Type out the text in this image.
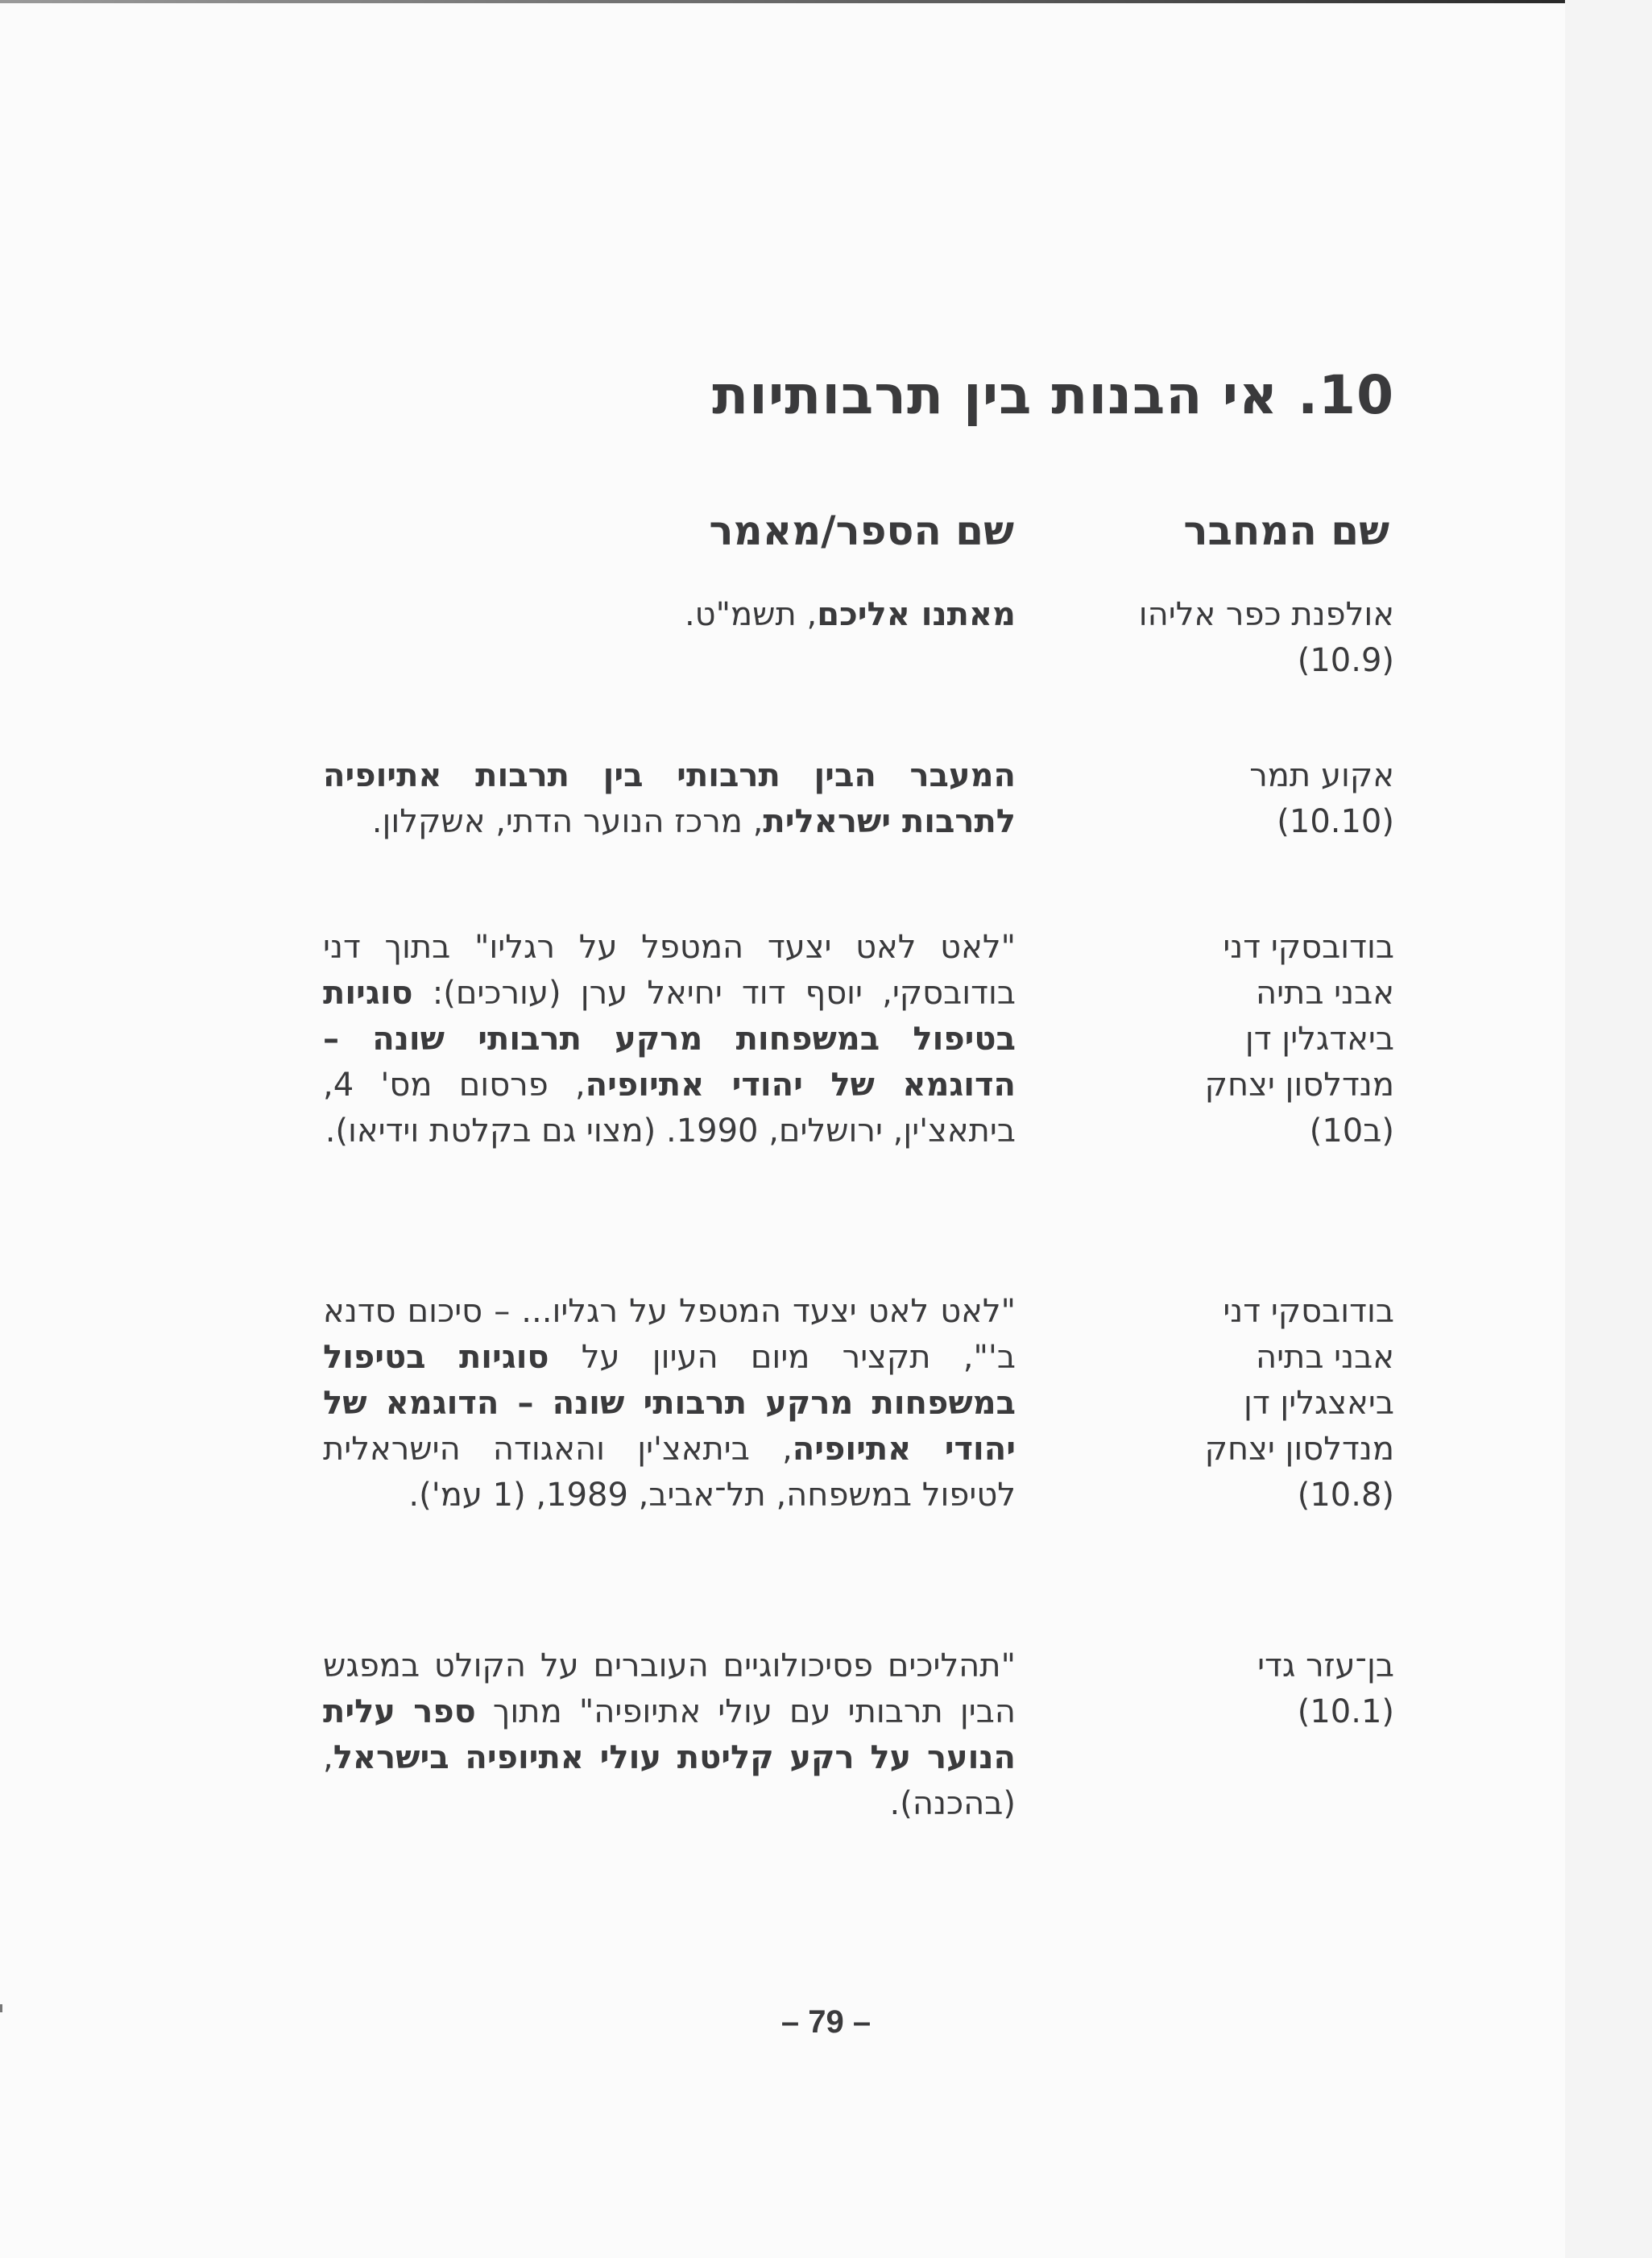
10. אי הבנות בין תרבותיות
שם המחבר
שם הספר/מאמר
אולפנת כפר אליהו
(10.9)
מאתנו אליכם, תשמ"ט.
אקוע תמר
(10.10)
המעבר הבין תרבותי בין תרבות אתיופיה לתרבות ישראלית, מרכז הנוער הדתי, אשקלון.
בודובסקי דני
אבני בתיה
ביאדגלין דן
מנדלסון יצחק
(10ב)
"לאט לאט יצעד המטפל על רגליו" בתוך דני בודובסקי, יוסף דוד יחיאל ערן (עורכים): סוגיות בטיפול במשפחות מרקע תרבותי שונה – הדוגמא של יהודי אתיופיה, פרסום מס' 4, ביתאצ'ין, ירושלים, 1990. (מצוי גם בקלטת וידיאו).
בודובסקי דני
אבני בתיה
ביאצגלין דן
מנדלסון יצחק
(10.8)
"לאט לאט יצעד המטפל על רגליו... – סיכום סדנא ב'", תקציר מיום העיון על סוגיות בטיפול במשפחות מרקע תרבותי שונה – הדוגמא של יהודי אתיופיה, ביתאצ'ין והאגודה הישראלית לטיפול במשפחה, תל־אביב, 1989, (1 עמ').
בן־עזר גדי
(10.1)
"תהליכים פסיכולוגיים העוברים על הקולט במפגש הבין תרבותי עם עולי אתיופיה" מתוך ספר עלית הנוער על רקע קליטת עולי אתיופיה בישראל, (בהכנה).
– 79 –
